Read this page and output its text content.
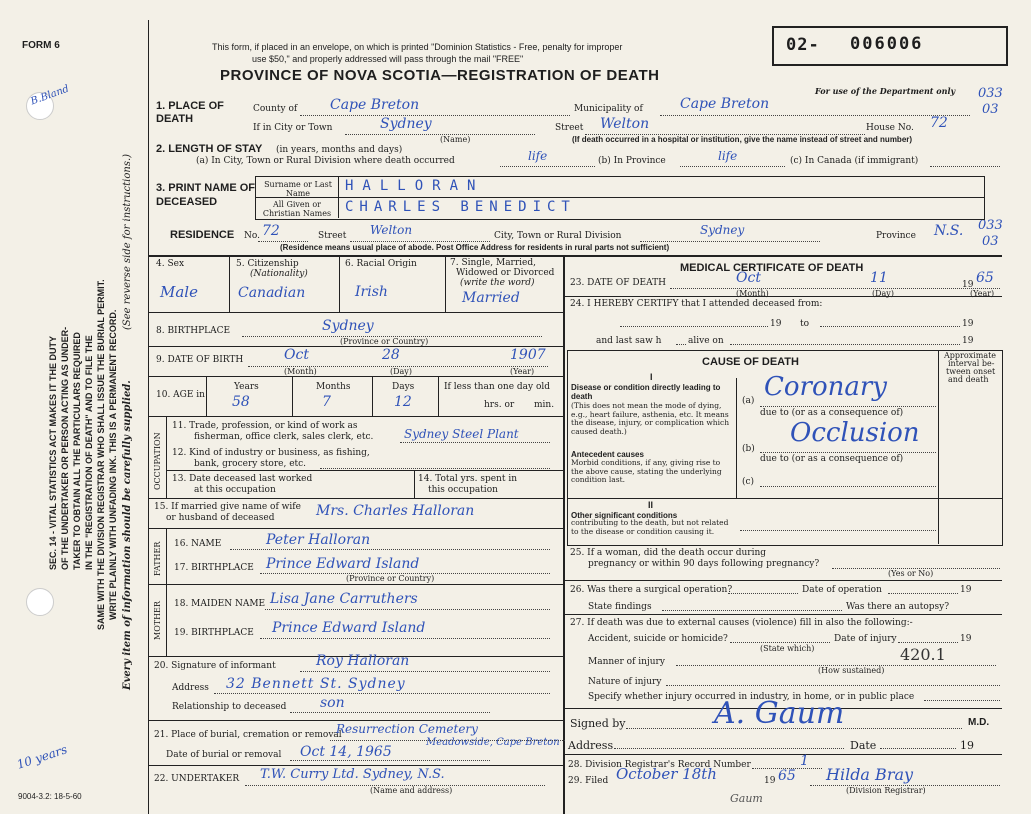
FORM 6	This form, if placed in an envelope, on which is printed "Dominion Statistics - Free, penalty for improper
use $50," and properly addressed will pass through the mail "FREE"
PROVINCE OF NOVA SCOTIA—REGISTRATION OF DEATH
02- 006006
For use of the Department only 033
03
033
03
SEC. 14 - VITAL STATISTICS ACT MAKES IT THE DUTY OF THE UNDERTAKER OR PERSON ACTING AS UNDER- TAKER TO OBTAIN ALL THE PARTICULARS REQUIRED IN THE "REGISTRATION OF DEATH" AND TO FILE THE SAME WITH THE DIVISION REGISTRAR WHO SHALL ISSUE THE BURIAL PERMIT. WRITE PLAINLY WITH UNFADING INK. THIS IS A PERMANENT RECORD.
(See reverse side for instructions.)
Every item of information should be carefully supplied.
B.Bland
10 years
9004-3.2: 18-5-60
1. PLACE OF DEATH
County of Cape Breton	Municipality of	Cape Breton
If in City or Town	Sydney
(Name)
Street Welton	House No. 72
(If death occurred in a hospital or institution, give the name instead of street and number)
2. LENGTH OF STAY (in years, months and days)
(a) In City, Town or Rural Division where death occurred	life	(b) In Province	life	(c) In Canada (if immigrant)
3. PRINT NAME OF DECEASED
Surname or Last Name	HALLORAN
All Given or Christian Names CHARLES BENEDICT
RESIDENCE No. 72	Street Welton	City, Town or Rural Division	Sydney	Province N.S.
(Residence means usual place of abode. Post Office Address for residents in rural parts not sufficient)
4. Sex
Male
5. Citizenship
(Nationality)
Canadian
6. Racial Origin
Irish
7. Single, Married,
Widowed or Divorced
(write the word)
Married
8. BIRTHPLACE	Sydney
(Province or Country)
9. DATE OF BIRTH	Oct	28	1907
(Month)	(Day)	(Year)
10. AGE in
Years
58
Months
7
Days
12
If less than one day old
hrs. or min.
OCCUPATION
11. Trade, profession, or kind of work as
fisherman, office clerk, sales clerk, etc.	Sydney Steel Plant
12. Kind of industry or business, as fishing,
bank, grocery store, etc.
13. Date deceased last worked
at this occupation
14. Total yrs. spent in
this occupation
15. If married give name of wife
or husband of deceased	Mrs. Charles Halloran
FATHER 16. NAME	Peter Halloran
17. BIRTHPLACE Prince Edward Island
(Province or Country)
MOTHER 18. MAIDEN NAME Lisa Jane Carruthers
19. BIRTHPLACE Prince Edward Island
20. Signature of informant	Roy Halloran
Address 32 Bennett St. Sydney
Relationship to deceased son
21. Place of burial, cremation or removal
Resurrection Cemetery
Meadowside, Cape Breton
Date of burial or removal Oct 14, 1965
22. UNDERTAKER T.W. Curry Ltd. Sydney, N.S.
(Name and address)
MEDICAL CERTIFICATE OF DEATH
23. DATE OF DEATH	Oct	11	19 65
(Month)	(Day)	(Year)
24. I HEREBY CERTIFY that I attended deceased from:
19 to	19
and last saw h	alive on	19
CAUSE OF DEATH
Approximate
interval be-
tween onset
and death
I
Disease or condition directly leading to death
(This does not mean the mode of dying, e.g., heart failure, asthenia, etc. It means the disease, injury, or complication which caused death.)
(a) Coronary
due to (or as a consequence of)
Occlusion
Antecedent causes
Morbid conditions, if any, giving rise to the above cause, stating the underlying condition last.
(b)
due to (or as a consequence of)
(c)
II
Other significant conditions
contributing to the death, but not related to the disease or condition causing it.
25. If a woman, did the death occur during
pregnancy or within 90 days following pregnancy?
(Yes or No)
26. Was there a surgical operation?	Date of operation	19
State findings	Was there an autopsy?
27. If death was due to external causes (violence) fill in also the following:-
Accident, suicide or homicide?	Date of injury	19
(State which)
Manner of injury	420.1
(How sustained)
Nature of injury
Specify whether injury occurred in industry, in home, or in public place
Signed by	A. Gaum	M.D.
Address	Date	19
28. Division Registrar's Record Number	1
29. Filed October 18th	19 65 Hilda Bray
(Division Registrar)
Gaum
